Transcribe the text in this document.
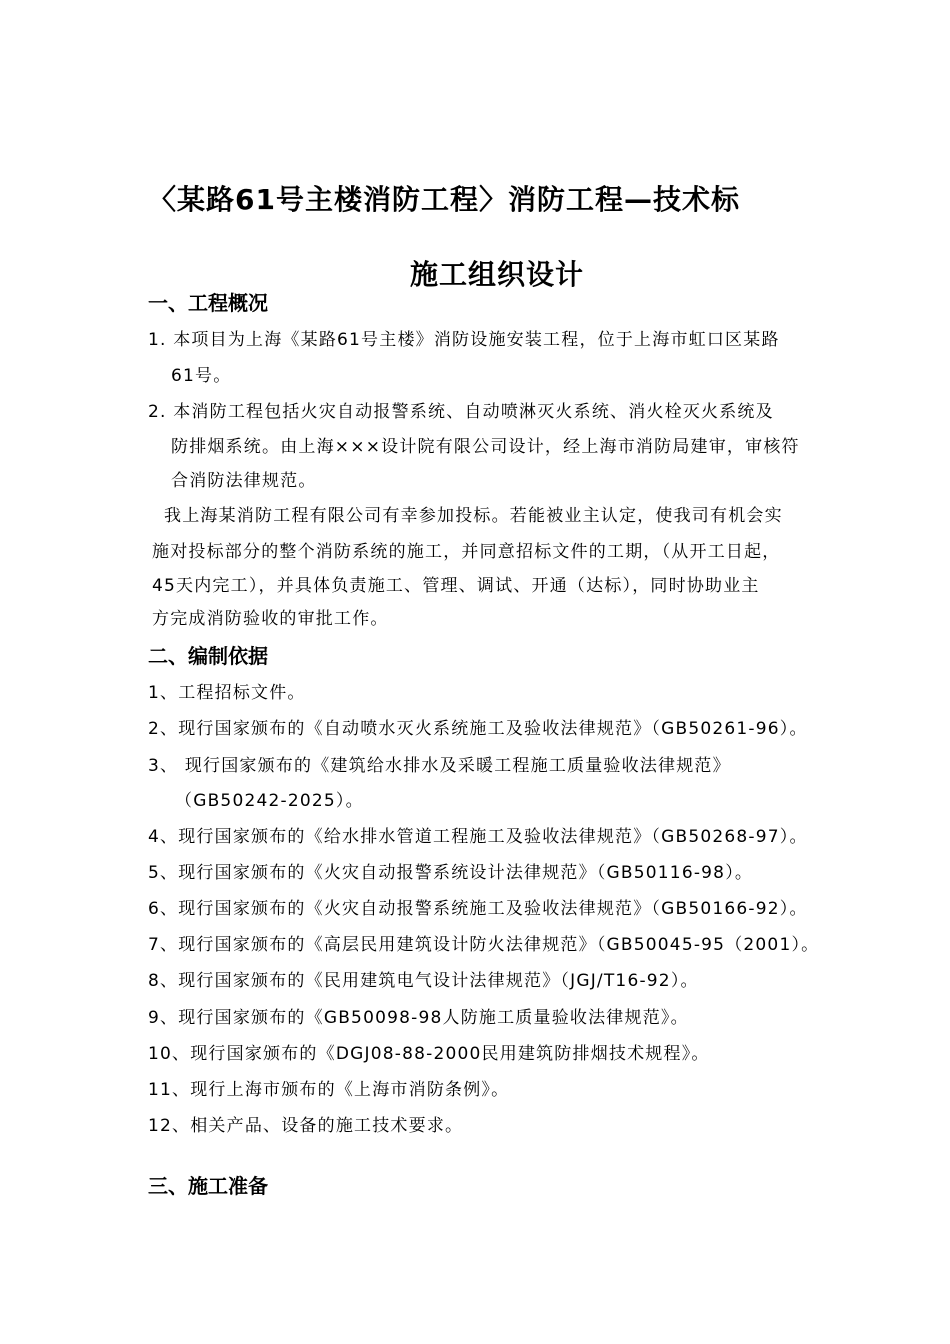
〈某路61号主楼消防工程〉消防工程—技术标
施工组织设计
一、工程概况
1. 本项目为上海《某路61号主楼》消防设施安装工程，位于上海市虹口区某路
61号。
2. 本消防工程包括火灾自动报警系统、自动喷淋灭火系统、消火栓灭火系统及
防排烟系统。由上海×××设计院有限公司设计，经上海市消防局建审，审核符
合消防法律规范。
我上海某消防工程有限公司有幸参加投标。若能被业主认定，使我司有机会实
施对投标部分的整个消防系统的施工，并同意招标文件的工期，（从开工日起，
45天内完工），并具体负责施工、管理、调试、开通（达标），同时协助业主
方完成消防验收的审批工作。
二、编制依据
1、工程招标文件。
2、现行国家颁布的《自动喷水灭火系统施工及验收法律规范》（GB50261-96）。
3、 现行国家颁布的《建筑给水排水及采暖工程施工质量验收法律规范》
（GB50242-2025）。
4、现行国家颁布的《给水排水管道工程施工及验收法律规范》（GB50268-97）。
5、现行国家颁布的《火灾自动报警系统设计法律规范》（GB50116-98）。
6、现行国家颁布的《火灾自动报警系统施工及验收法律规范》（GB50166-92）。
7、现行国家颁布的《高层民用建筑设计防火法律规范》（GB50045-95（2001）。
8、现行国家颁布的《民用建筑电气设计法律规范》（JGJ/T16-92）。
9、现行国家颁布的《GB50098-98人防施工质量验收法律规范》。
10、现行国家颁布的《DGJ08-88-2000民用建筑防排烟技术规程》。
11、现行上海市颁布的《上海市消防条例》。
12、相关产品、设备的施工技术要求。
三、施工准备
